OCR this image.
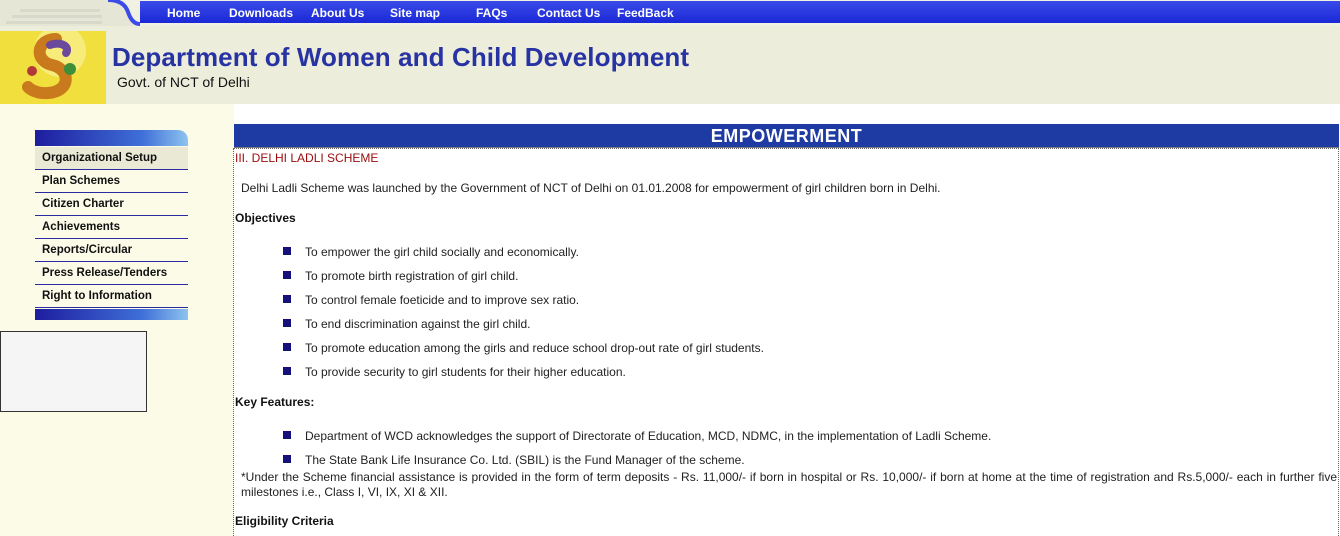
Home Downloads About Us Site map	FAQs Contact Us FeedBack
Department of Women and Child Development
Govt. of NCT of Delhi
Organizational Setup
Plan Schemes
Citizen Charter
Achievements
Reports/Circular
Press Release/Tenders
Right to Information
EMPOWERMENT
III. DELHI LADLI SCHEME
Delhi Ladli Scheme was launched by the Government of NCT of Delhi on 01.01.2008 for empowerment of girl children born in Delhi.
Objectives
To empower the girl child socially and economically.
To promote birth registration of girl child.
To control female foeticide and to improve sex ratio.
To end discrimination against the girl child.
To promote education among the girls and reduce school drop-out rate of girl students.
To provide security to girl students for their higher education.
Key Features:
Department of WCD acknowledges the support of Directorate of Education, MCD, NDMC, in the implementation of Ladli Scheme.
The State Bank Life Insurance Co. Ltd. (SBIL) is the Fund Manager of the scheme.
*Under the Scheme financial assistance is provided in the form of term deposits - Rs. 11,000/- if born in hospital or Rs. 10,000/- if born at home at the time of registration and Rs.5,000/- each in further five milestones i.e., Class I, VI, IX, XI & XII.
Eligibility Criteria
